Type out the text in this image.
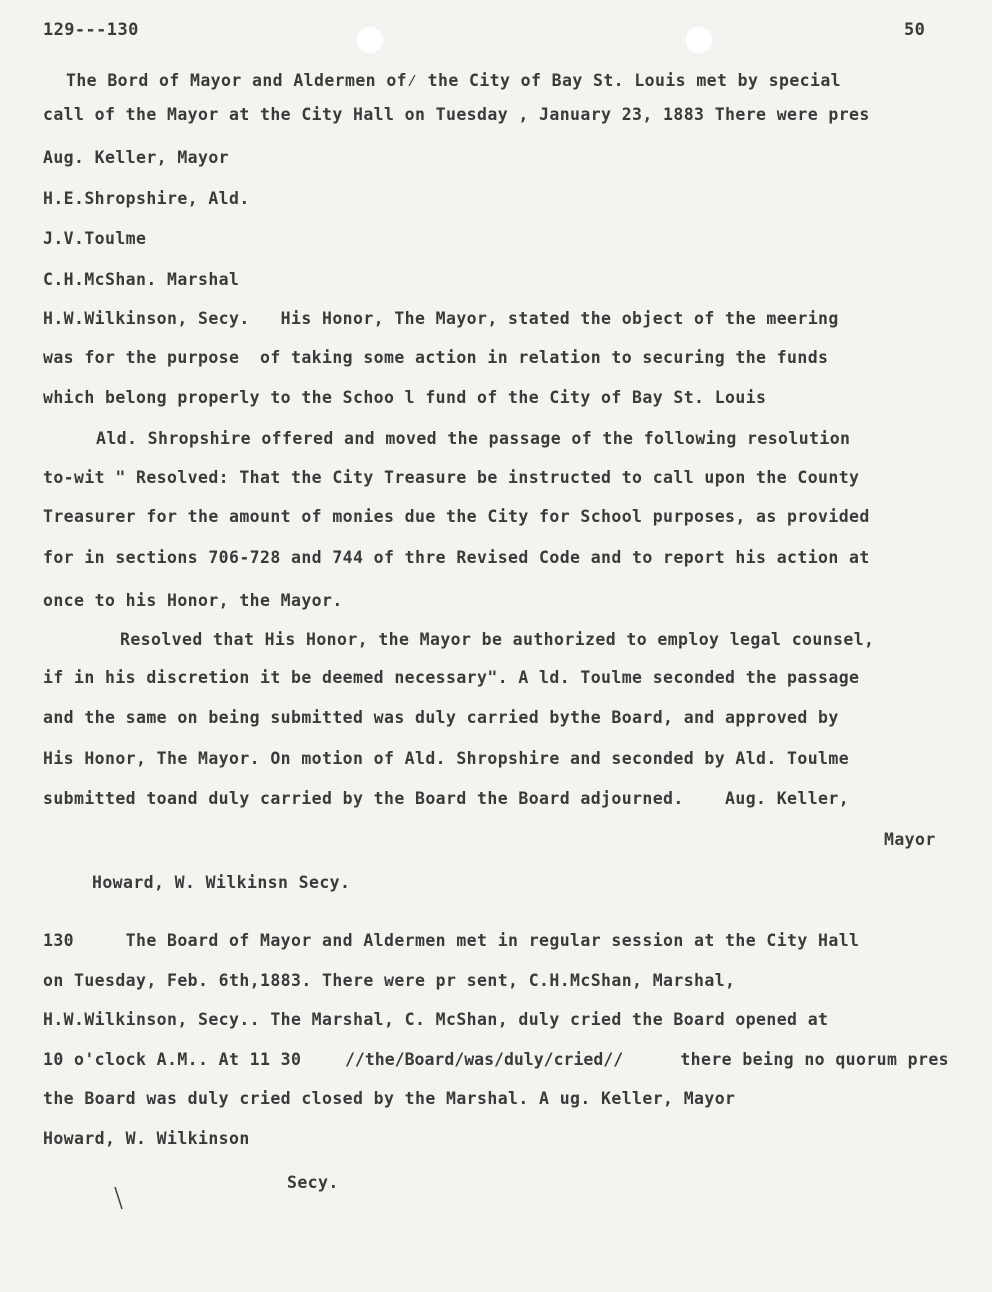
129---130	50
The Bord of Mayor and Aldermen of⁄ the City of Bay St. Louis met by special
call of the Mayor at the City Hall on Tuesday , January 23, 1883 There were pres
Aug. Keller, Mayor
H.E.Shropshire, Ald.
J.V.Toulme
C.H.McShan. Marshal
H.W.Wilkinson, Secy.   His Honor, The Mayor, stated the object of the meering
was for the purpose  of taking some action in relation to securing the funds
which belong properly to the Schoo l fund of the City of Bay St. Louis
Ald. Shropshire offered and moved the passage of the following resolution
to-wit " Resolved: That the City Treasure be instructed to call upon the County
Treasurer for the amount of monies due the City for School purposes, as provided
for in sections 706-728 and 744 of thre Revised Code and to report his action at
once to his Honor, the Mayor.
Resolved that His Honor, the Mayor be authorized to employ legal counsel,
if in his discretion it be deemed necessary". A ld. Toulme seconded the passage
and the same on being submitted was duly carried bythe Board, and approved by
His Honor, The Mayor. On motion of Ald. Shropshire and seconded by Ald. Toulme
submitted toand duly carried by the Board the Board adjourned.    Aug. Keller,
Mayor
Howard, W. Wilkinsn Secy.
130     The Board of Mayor and Aldermen met in regular session at the City Hall
on Tuesday, Feb. 6th,1883. There were pr sent, C.H.McShan, Marshal,
H.W.Wilkinson, Secy.. The Marshal, C. McShan, duly cried the Board opened at
10 o'clock A.M.. At 11 30	//the/Board/was/duly/cried//	there being no quorum pres
the Board was duly cried closed by the Marshal. A ug. Keller, Mayor
Howard, W. Wilkinson
Secy.
